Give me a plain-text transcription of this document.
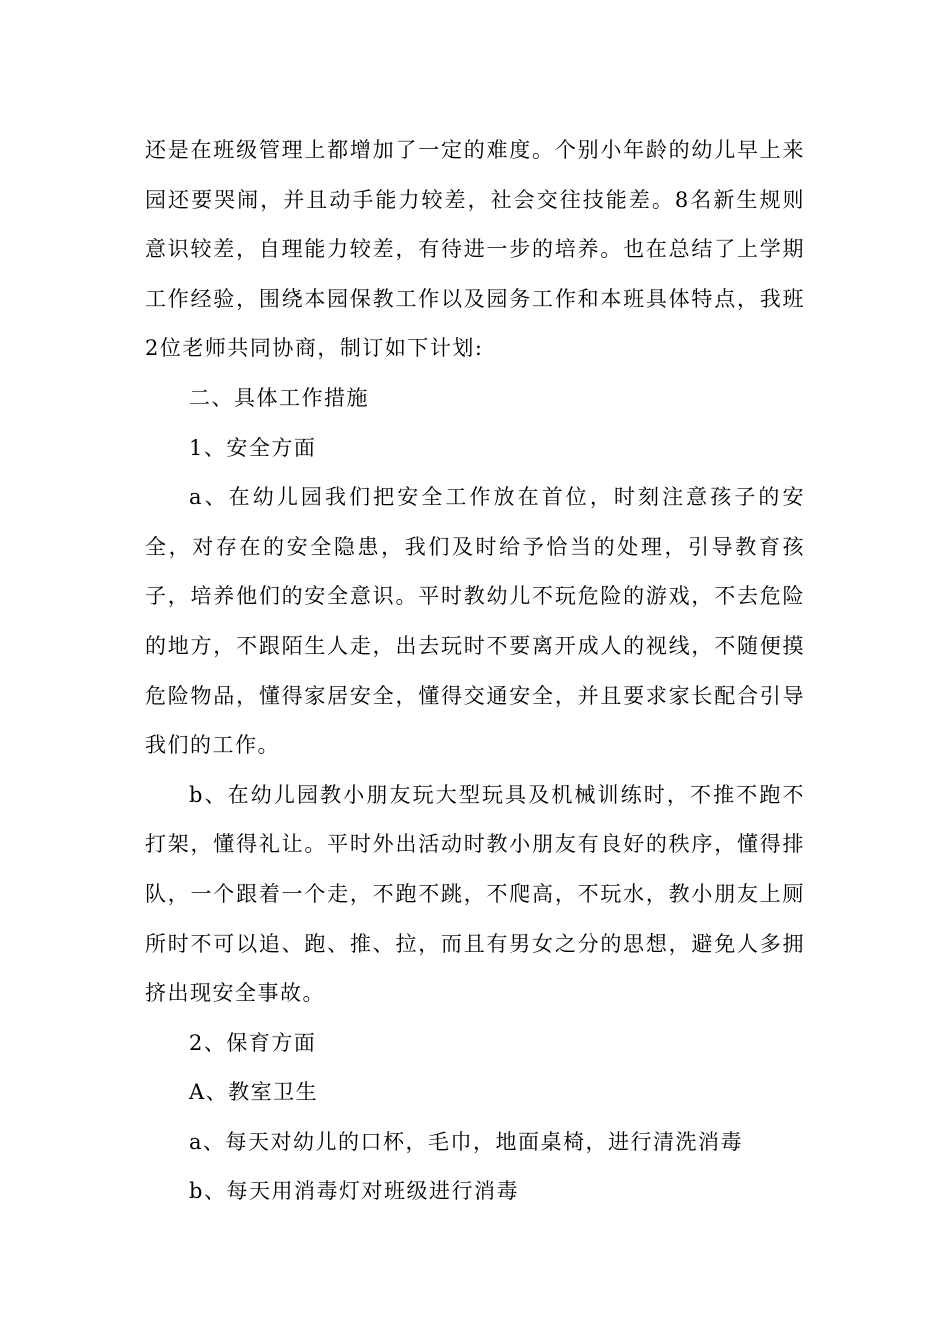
还是在班级管理上都增加了一定的难度。个别小年龄的幼儿早上来园还要哭闹，并且动手能力较差，社会交往技能差。8名新生规则意识较差，自理能力较差，有待进一步的培养。也在总结了上学期工作经验，围绕本园保教工作以及园务工作和本班具体特点，我班2位老师共同协商，制订如下计划:

二、具体工作措施

1、安全方面

a、在幼儿园我们把安全工作放在首位，时刻注意孩子的安全，对存在的安全隐患，我们及时给予恰当的处理，引导教育孩子，培养他们的安全意识。平时教幼儿不玩危险的游戏，不去危险的地方，不跟陌生人走，出去玩时不要离开成人的视线，不随便摸危险物品，懂得家居安全，懂得交通安全，并且要求家长配合引导我们的工作。

b、在幼儿园教小朋友玩大型玩具及机械训练时，不推不跑不打架，懂得礼让。平时外出活动时教小朋友有良好的秩序，懂得排队，一个跟着一个走，不跑不跳，不爬高，不玩水，教小朋友上厕所时不可以追、跑、推、拉，而且有男女之分的思想，避免人多拥挤出现安全事故。

2、保育方面

A、教室卫生

a、每天对幼儿的口杯，毛巾，地面桌椅，进行清洗消毒

b、每天用消毒灯对班级进行消毒
